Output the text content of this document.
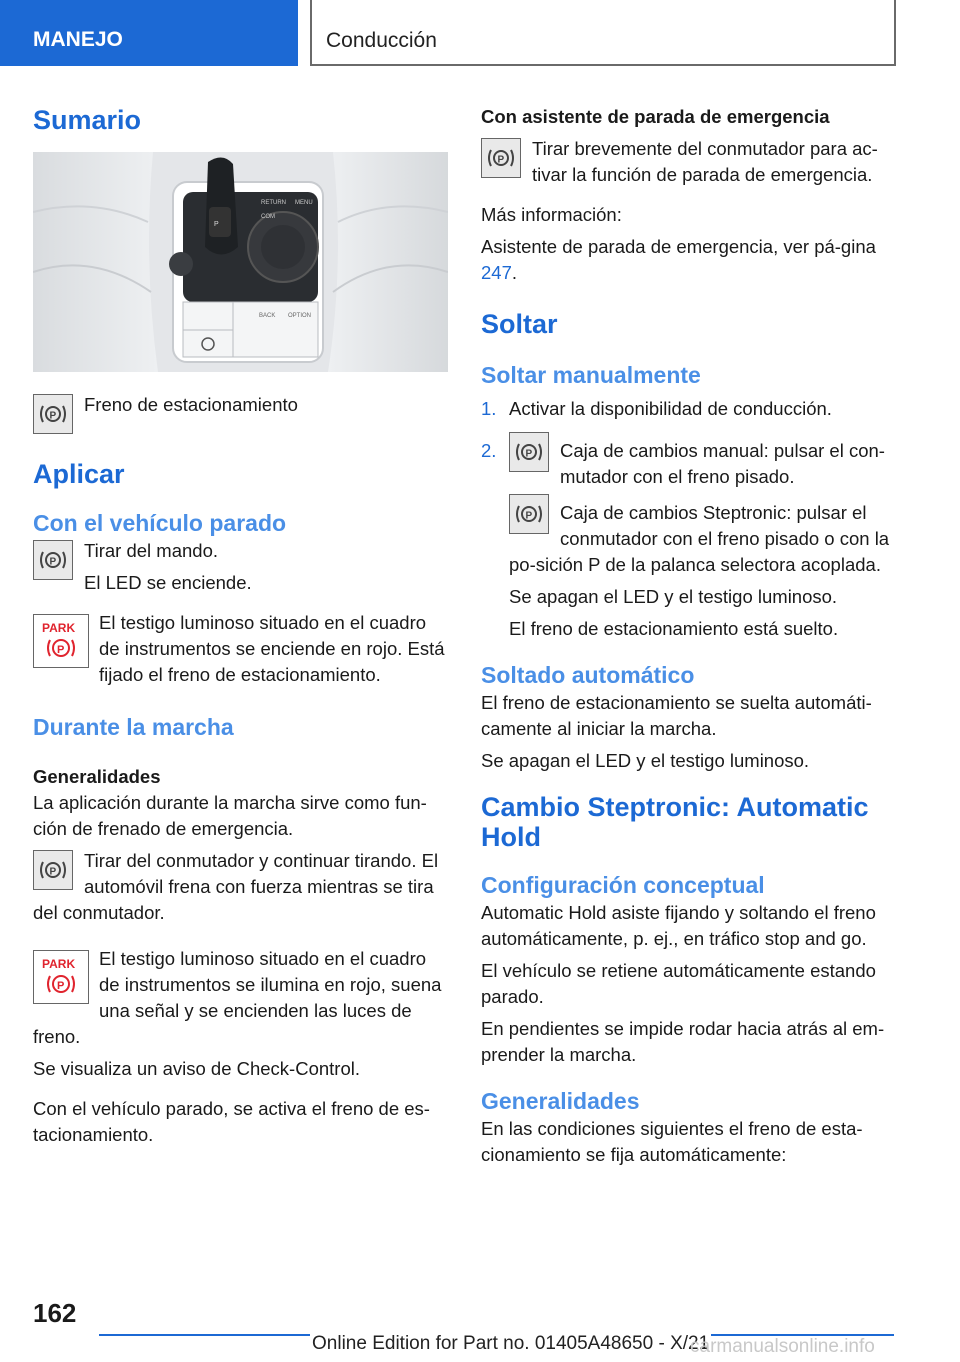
MANEJO	Conducción
Sumario
P
RETURN
COM
MENU
BACK OPTION
P

Freno de estacionamiento

Aplicar
Con el vehículo parado
P

Tirar del mando.

El LED se enciende.

PARK
P

El testigo luminoso situado en el cuadro de instrumentos se enciende en rojo. Está fijado el freno de estacionamiento.

Durante la marcha
Generalidades

La aplicación durante la marcha sirve como fun-ción de frenado de emergencia.

P

Tirar del conmutador y continuar tirando. El automóvil frena con fuerza mientras se tira del conmutador.

PARK
P

El testigo luminoso situado en el cuadro de instrumentos se ilumina en rojo, suena una señal y se encienden las luces de freno.

Se visualiza un aviso de Check-Control.

Con el vehículo parado, se activa el freno de es-tacionamiento.

Con asistente de parada de emergencia
P

Tirar brevemente del conmutador para ac-tivar la función de parada de emergencia.

Más información:

Asistente de parada de emergencia, ver pá-gina 247.

Soltar
Soltar manualmente
1. Activar la disponibilidad de conducción.
2.	P	Caja de cambios manual: pulsar el con-mutador con el freno pisado.

P	Caja de cambios Steptronic: pulsar el conmutador con el freno pisado o con la po-sición P de la palanca selectora acoplada.

Se apagan el LED y el testigo luminoso.

El freno de estacionamiento está suelto.

Soltado automático

El freno de estacionamiento se suelta automáti-camente al iniciar la marcha.

Se apagan el LED y el testigo luminoso.

Cambio Steptronic: Automatic Hold
Configuración conceptual

Automatic Hold asiste fijando y soltando el freno automáticamente, p. ej., en tráfico stop and go.

El vehículo se retiene automáticamente estando parado.

En pendientes se impide rodar hacia atrás al em-prender la marcha.

Generalidades

En las condiciones siguientes el freno de esta-cionamiento se fija automáticamente:

162
Online Edition for Part no. 01405A48650 - X/21
carmanualsonline.info
